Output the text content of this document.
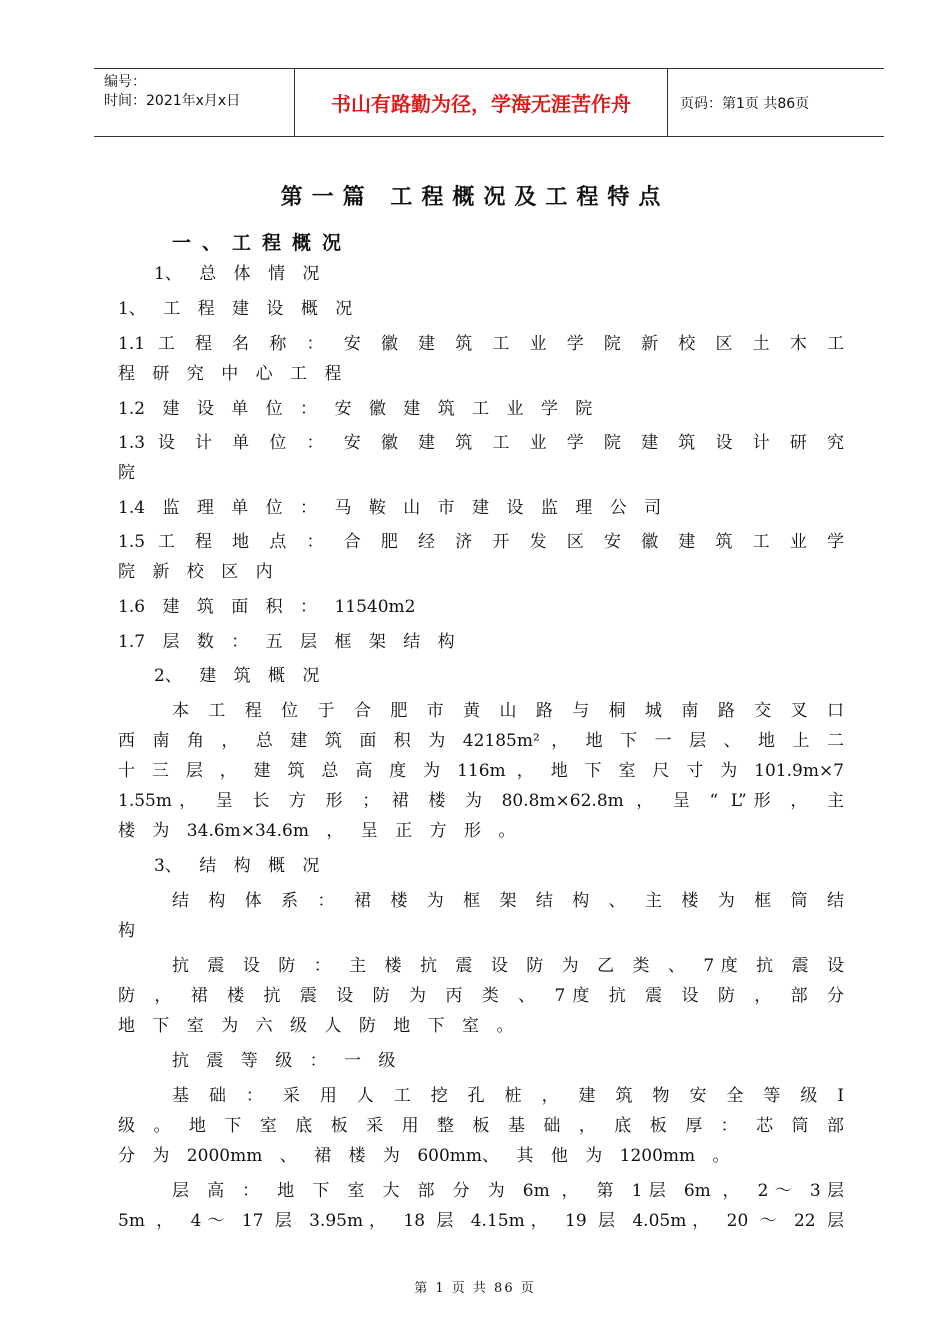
编号：
时间：2021年x月x日	书山有路勤为径，学海无涯苦作舟	页码：第1页 共86页
第一篇 工程概况及工程特点
一、工程概况
1、 总 体 情 况
1、 工 程 建 设 概 况
1.1 工 程 名 称 ： 安 徽 建 筑 工 业 学 院 新 校 区 土 木 工
程 研 究 中 心 工 程
1.2 建 设 单 位 ： 安 徽 建 筑 工 业 学 院
1.3 设 计 单 位 ： 安 徽 建 筑 工 业 学 院 建 筑 设 计 研 究
院
1.4 监 理 单 位 ： 马 鞍 山 市 建 设 监 理 公 司
1.5 工 程 地 点 ： 合 肥 经 济 开 发 区 安 徽 建 筑 工 业 学
院 新 校 区 内
1.6 建 筑 面 积 ： 11540m2
1.7 层 数 ： 五 层 框 架 结 构
2、 建 筑 概 况
本 工 程 位 于 合 肥 市 黄 山 路 与 桐 城 南 路 交 叉 口
西 南 角 ， 总 建 筑 面 积 为 42185m² ， 地 下 一 层 、 地 上 二
十 三 层 ， 建 筑 总 高 度 为 116m ， 地 下 室 尺 寸 为 101.9m×7
1.55m， 呈 长 方 形 ； 裙 楼 为 80.8m×62.8m ， 呈 “ L”形 ， 主
楼 为 34.6m×34.6m ， 呈 正 方 形 。
3、 结 构 概 况
结 构 体 系 ： 裙 楼 为 框 架 结 构 、 主 楼 为 框 筒 结
构
抗 震 设 防 ： 主 楼 抗 震 设 防 为 乙 类 、 7度 抗 震 设
防 ， 裙 楼 抗 震 设 防 为 丙 类 、 7度 抗 震 设 防 ， 部 分
地 下 室 为 六 级 人 防 地 下 室 。
抗 震 等 级 ： 一 级
基 础 ： 采 用 人 工 挖 孔 桩 ， 建 筑 物 安 全 等 级 Ⅰ
级 。 地 下 室 底 板 采 用 整 板 基 础 ， 底 板 厚 ： 芯 筒 部
分 为 2000mm 、 裙 楼 为 600mm、 其 他 为 1200mm 。
层 高 ： 地 下 室 大 部 分 为 6m ， 第 1层 6m ， 2～ 3层
5m ， 4～ 17 层 3.95m， 18 层 4.15m， 19 层 4.05m， 20 ～ 22 层
第 1 页 共 86 页
